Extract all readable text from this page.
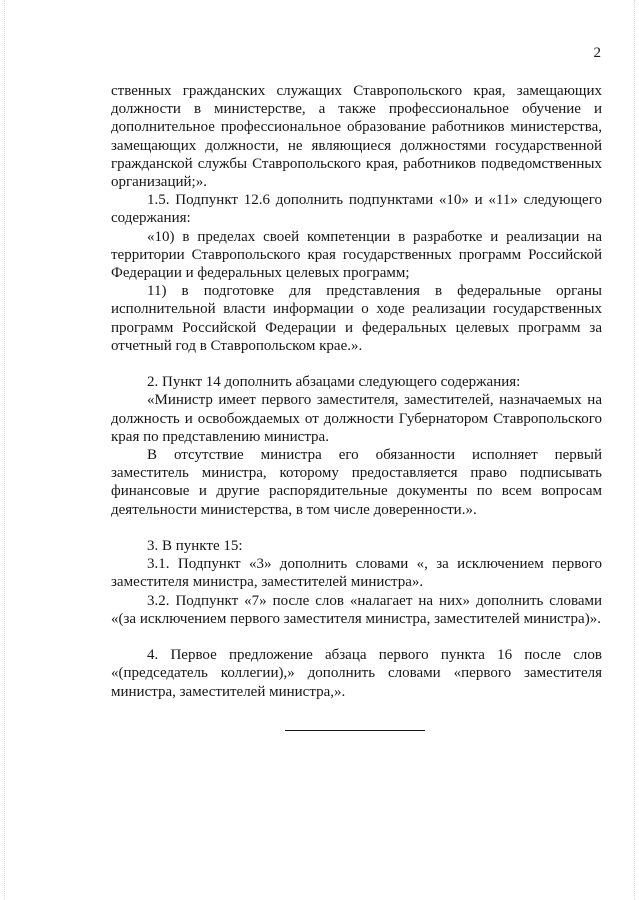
2

ственных гражданских служащих Ставропольского края, замещающих должности в министерстве, а также профессиональное обучение и дополнительное профессиональное образование работников министерства, замещающих должности, не являющиеся должностями государственной гражданской службы Ставропольского края, работников подведомственных организаций;».

1.5. Подпункт 12.6 дополнить подпунктами «10» и «11» следующего содержания:

«10) в пределах своей компетенции в разработке и реализации на территории Ставропольского края государственных программ Российской Федерации и федеральных целевых программ;

11) в подготовке для представления в федеральные органы исполнительной власти информации о ходе реализации государственных программ Российской Федерации и федеральных целевых программ за отчетный год в Ставропольском крае.».

2. Пункт 14 дополнить абзацами следующего содержания:

«Министр имеет первого заместителя, заместителей, назначаемых на должность и освобождаемых от должности Губернатором Ставропольского края по представлению министра.

В отсутствие министра его обязанности исполняет первый заместитель министра, которому предоставляется право подписывать финансовые и другие распорядительные документы по всем вопросам деятельности министерства, в том числе доверенности.».

3. В пункте 15:

3.1. Подпункт «3» дополнить словами «, за исключением первого заместителя министра, заместителей министра».

3.2. Подпункт «7» после слов «налагает на них» дополнить словами «(за исключением первого заместителя министра, заместителей министра)».

4. Первое предложение абзаца первого пункта 16 после слов «(председатель коллегии),» дополнить словами «первого заместителя министра, заместителей министра,».
